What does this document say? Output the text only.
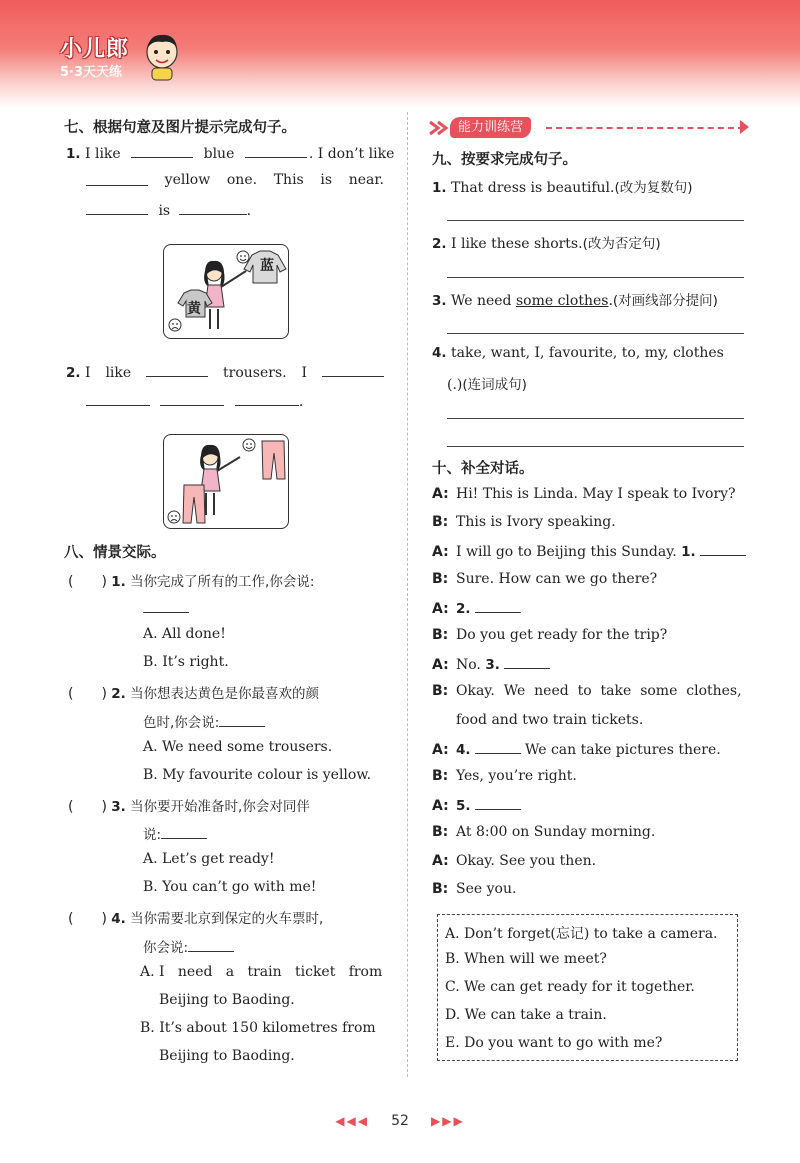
小儿郎
5·3天天练
七、根据句意及图片提示完成句子。
1. I like	blue	. I don’t like
yellow one. This is near.
is	.
蓝
黄
2. I like	trousers. I
.
八、情景交际。
(　　) 1. 当你完成了所有的工作,你会说:
A. All done!
B. It’s right.
(　　) 2. 当你想表达黄色是你最喜欢的颜
色时,你会说:
A. We need some trousers.
B. My favourite colour is yellow.
(　　) 3. 当你要开始准备时,你会对同伴
说:
A. Let’s get ready!
B. You can’t go with me!
(　　) 4. 当你需要北京到保定的火车票时,
你会说:
A. I   need   a   train   ticket   from
Beijing to Baoding.
B. It’s about 150 kilometres from
Beijing to Baoding.
能力训练营
九、按要求完成句子。
1. That dress is beautiful.(改为复数句)
2. I like these shorts.(改为否定句)
3. We need some clothes.(对画线部分提问)
4. take, want, I, favourite, to, my, clothes
(.)(连词成句)
十、补全对话。
A: Hi! This is Linda. May I speak to Ivory?
B: This is Ivory speaking.
A: I will go to Beijing this Sunday. 1.
B: Sure. How can we go there?
A: 2.
B: Do you get ready for the trip?
A: No. 3.
B: Okay.  We  need  to  take  some  clothes,
food and two train tickets.
A: 4.	We can take pictures there.
B: Yes, you’re right.
A: 5.
B: At 8:00 on Sunday morning.
A: Okay. See you then.
B: See you.
A. Don’t forget(忘记) to take a camera.
B. When will we meet?
C. We can get ready for it together.
D. We can take a train.
E. Do you want to go with me?
◀◀◀ 52 ▶▶▶
